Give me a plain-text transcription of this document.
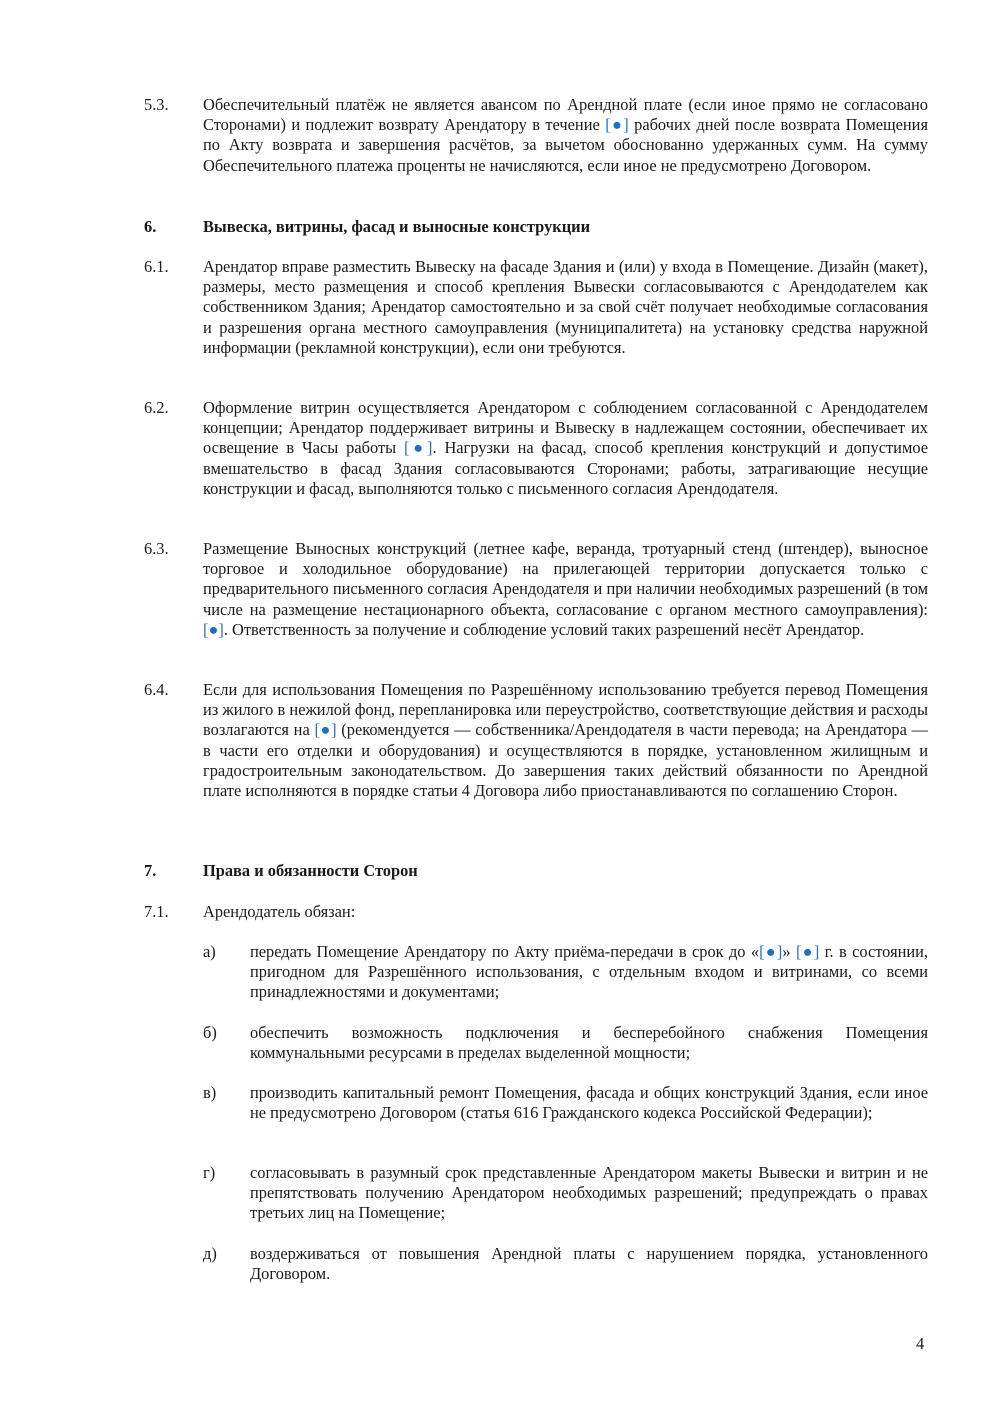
5.3. Обеспечительный платёж не является авансом по Арендной плате (если иное прямо не согласовано Сторонами) и подлежит возврату Арендатору в течение [●] рабочих дней после возврата Помещения по Акту возврата и завершения расчётов, за вычетом обоснованно удержанных сумм. На сумму Обеспечительного платежа проценты не начисляются, если иное не предусмотрено Договором.
6.	Вывеска, витрины, фасад и выносные конструкции
6.1. Арендатор вправе разместить Вывеску на фасаде Здания и (или) у входа в Помещение. Дизайн (макет), размеры, место размещения и способ крепления Вывески согласовываются с Арендодателем как собственником Здания; Арендатор самостоятельно и за свой счёт получает необходимые согласования и разрешения органа местного самоуправления (муниципалитета) на установку средства наружной информации (рекламной конструкции), если они требуются.
6.2. Оформление витрин осуществляется Арендатором с соблюдением согласованной с Арендодателем концепции; Арендатор поддерживает витрины и Вывеску в надлежащем состоянии, обеспечивает их освещение в Часы работы [●]. Нагрузки на фасад, способ крепления конструкций и допустимое вмешательство в фасад Здания согласовываются Сторонами; работы, затрагивающие несущие конструкции и фасад, выполняются только с письменного согласия Арендодателя.
6.3. Размещение Выносных конструкций (летнее кафе, веранда, тротуарный стенд (штендер), выносное торговое и холодильное оборудование) на прилегающей территории допускается только с предварительного письменного согласия Арендодателя и при наличии необходимых разрешений (в том числе на размещение нестационарного объекта, согласование с органом местного самоуправления): [●]. Ответственность за получение и соблюдение условий таких разрешений несёт Арендатор.
6.4. Если для использования Помещения по Разрешённому использованию требуется перевод Помещения из жилого в нежилой фонд, перепланировка или переустройство, соответствующие действия и расходы возлагаются на [●] (рекомендуется — собственника/Арендодателя в части перевода; на Арендатора — в части его отделки и оборудования) и осуществляются в порядке, установленном жилищным и градостроительным законодательством. До завершения таких действий обязанности по Арендной плате исполняются в порядке статьи 4 Договора либо приостанавливаются по соглашению Сторон.
7.	Права и обязанности Сторон
7.1. Арендодатель обязан:
а) передать Помещение Арендатору по Акту приёма-передачи в срок до «[●]» [●] г. в состоянии, пригодном для Разрешённого использования, с отдельным входом и витринами, со всеми принадлежностями и документами;
б) обеспечить возможность подключения и бесперебойного снабжения Помещения коммунальными ресурсами в пределах выделенной мощности;
в) производить капитальный ремонт Помещения, фасада и общих конструкций Здания, если иное не предусмотрено Договором (статья 616 Гражданского кодекса Российской Федерации);
г) согласовывать в разумный срок представленные Арендатором макеты Вывески и витрин и не препятствовать получению Арендатором необходимых разрешений; предупреждать о правах третьих лиц на Помещение;
д) воздерживаться от повышения Арендной платы с нарушением порядка, установленного Договором.
4
